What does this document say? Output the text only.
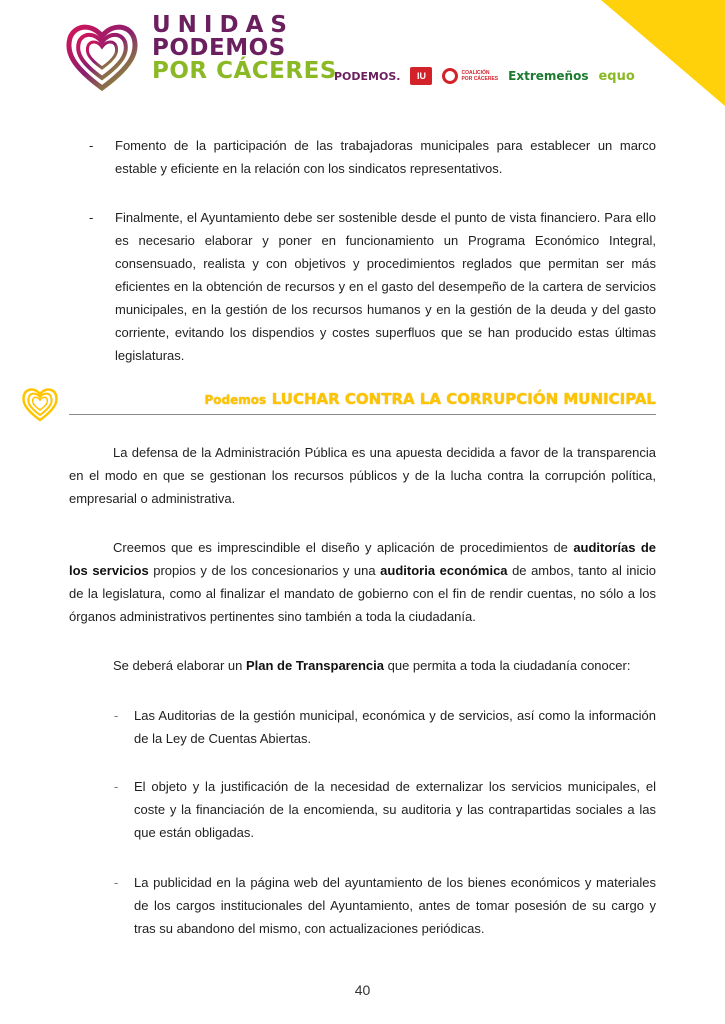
UNIDAS
PODEMOS
POR CÁCERES
PODEMOS.	IU	COALICIÓN
POR CÁCERES Extremeños equo
- Fomento de la participación de las trabajadoras municipales para establecer un marco estable y eficiente en la relación con los sindicatos representativos.
- Finalmente, el Ayuntamiento debe ser sostenible desde el punto de vista financiero. Para ello es necesario elaborar y poner en funcionamiento un Programa Económico Integral, consensuado, realista y con objetivos y procedimientos reglados que permitan ser más eficientes en la obtención de recursos y en el gasto del desempeño de la cartera de servicios municipales, en la gestión de los recursos humanos y en la gestión de la deuda y del gasto corriente, evitando los dispendios y costes superfluos que se han producido estas últimas legislaturas.
Podemos LUCHAR CONTRA LA CORRUPCIÓN MUNICIPAL
La defensa de la Administración Pública es una apuesta decidida a favor de la transparencia en el modo en que se gestionan los recursos públicos y de la lucha contra la corrupción política, empresarial o administrativa.
Creemos que es imprescindible el diseño y aplicación de procedimientos de auditorías de los servicios propios y de los concesionarios y una auditoria económica de ambos, tanto al inicio de la legislatura, como al finalizar el mandato de gobierno con el fin de rendir cuentas, no sólo a los órganos administrativos pertinentes sino también a toda la ciudadanía.
Se deberá elaborar un Plan de Transparencia que permita a toda la ciudadanía conocer:
- Las Auditorias de la gestión municipal, económica y de servicios, así como la información de la Ley de Cuentas Abiertas.
- El objeto y la justificación de la necesidad de externalizar los servicios municipales, el coste y la financiación de la encomienda, su auditoria y las contrapartidas sociales a las que están obligadas.
- La publicidad en la página web del ayuntamiento de los bienes económicos y materiales de los cargos institucionales del Ayuntamiento, antes de tomar posesión de su cargo y tras su abandono del mismo, con actualizaciones periódicas.
40
